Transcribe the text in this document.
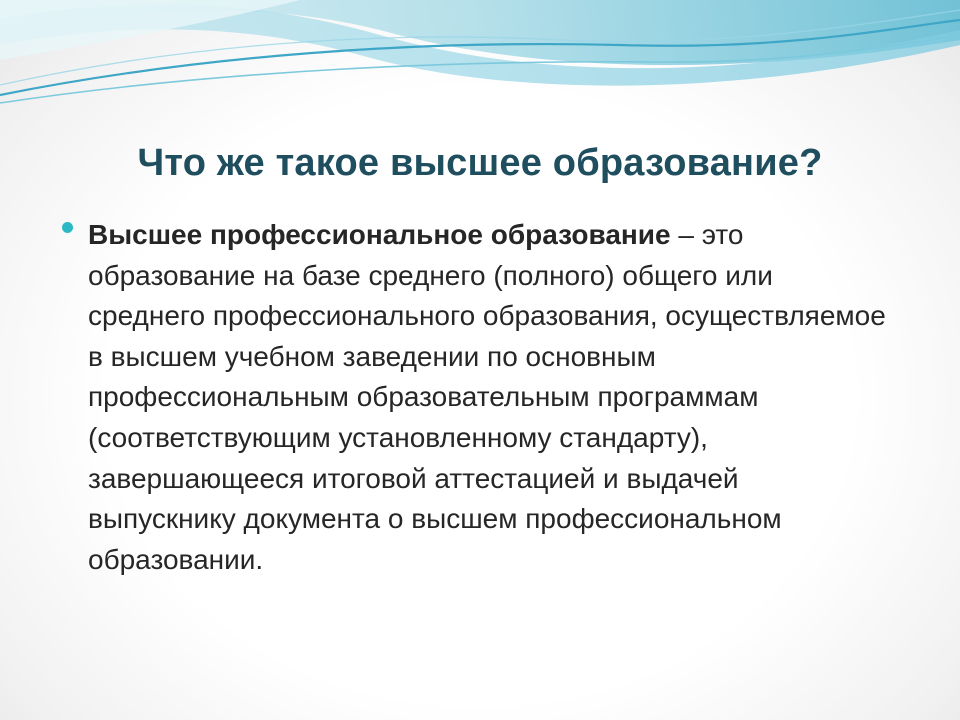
Что же такое высшее образование?
Высшее профессиональное образование – это образование на базе среднего (полного) общего или среднего профессионального образования, осуществляемое в высшем учебном заведении по основным профессиональным образовательным программам (соответствующим установленному стандарту), завершающееся итоговой аттестацией и выдачей выпускнику документа о высшем профессиональном образовании.
